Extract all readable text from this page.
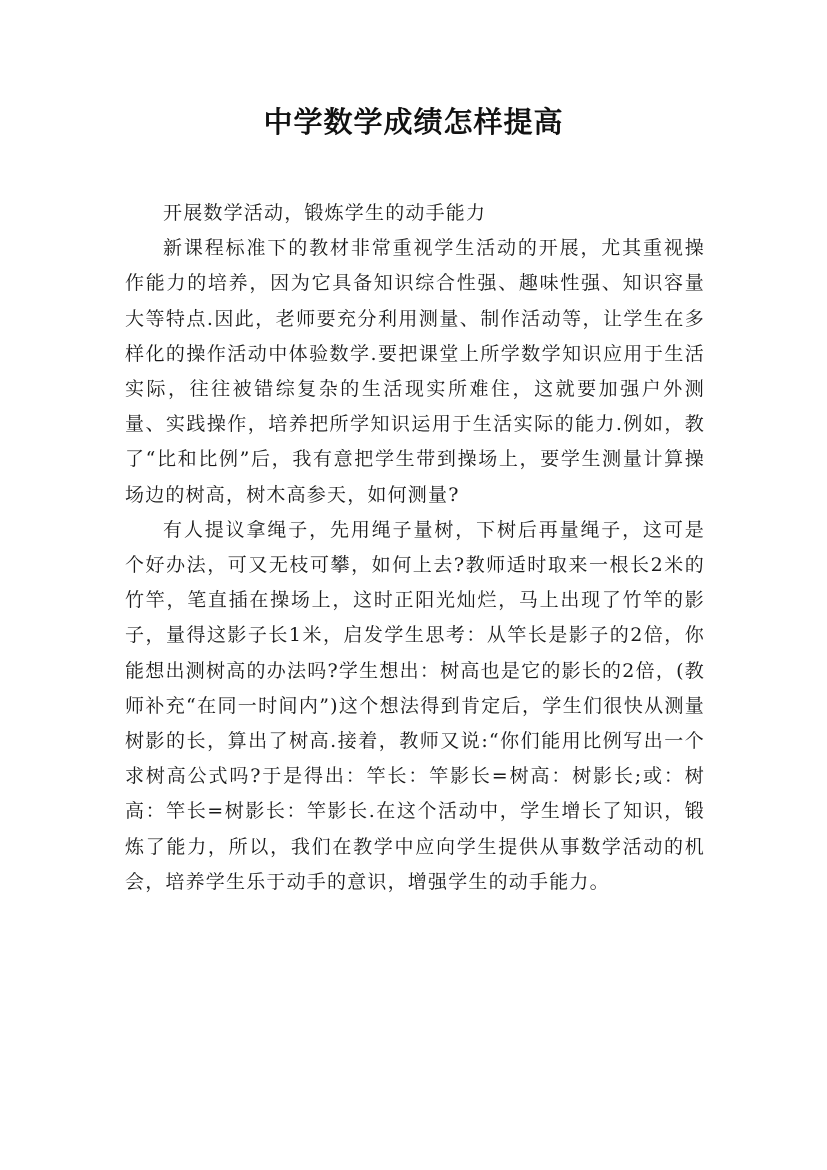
中学数学成绩怎样提高

开展数学活动，锻炼学生的动手能力

新课程标准下的教材非常重视学生活动的开展，尤其重视操作能力的培养，因为它具备知识综合性强、趣味性强、知识容量大等特点.因此，老师要充分利用测量、制作活动等，让学生在多样化的操作活动中体验数学.要把课堂上所学数学知识应用于生活实际，往往被错综复杂的生活现实所难住，这就要加强户外测量、实践操作，培养把所学知识运用于生活实际的能力.例如，教了“比和比例”后，我有意把学生带到操场上，要学生测量计算操场边的树高，树木高参天，如何测量?

有人提议拿绳子，先用绳子量树，下树后再量绳子，这可是个好办法，可又无枝可攀，如何上去?教师适时取来一根长2米的竹竿，笔直插在操场上，这时正阳光灿烂，马上出现了竹竿的影子，量得这影子长1米，启发学生思考：从竿长是影子的2倍，你能想出测树高的办法吗?学生想出：树高也是它的影长的2倍，(教师补充“在同一时间内”)这个想法得到肯定后，学生们很快从测量树影的长，算出了树高.接着，教师又说:“你们能用比例写出一个求树高公式吗?于是得出：竿长：竿影长=树高：树影长;或：树高：竿长=树影长：竿影长.在这个活动中，学生增长了知识，锻炼了能力，所以，我们在教学中应向学生提供从事数学活动的机会，培养学生乐于动手的意识，增强学生的动手能力。
